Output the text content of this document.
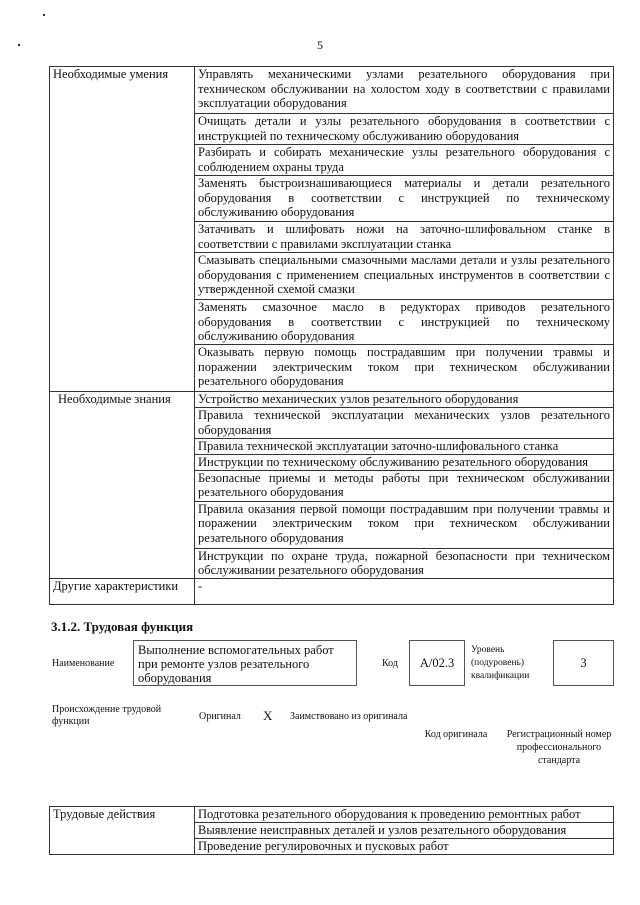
5
Необходимые умения	Управлять механическими узлами резательного оборудования при техническом обслуживании на холостом ходу в соответствии с правилами эксплуатации оборудования
	Очищать детали и узлы резательного оборудования в соответствии с инструкцией по техническому обслуживанию оборудования
	Разбирать и собирать механические узлы резательного оборудования с соблюдением охраны труда
	Заменять быстроизнашивающиеся материалы и детали резательного оборудования в соответствии с инструкцией по техническому обслуживанию оборудования
	Затачивать и шлифовать ножи на заточно-шлифовальном станке в соответствии с правилами эксплуатации станка
	Смазывать специальными смазочными маслами детали и узлы резательного оборудования с применением специальных инструментов в соответствии с утвержденной схемой смазки
	Заменять смазочное масло в редукторах приводов резательного оборудования в соответствии с инструкцией по техническому обслуживанию оборудования
	Оказывать первую помощь пострадавшим при получении травмы и поражении электрическим током при техническом обслуживании резательного оборудования
Необходимые знания	Устройство механических узлов резательного оборудования
	Правила технической эксплуатации механических узлов резательного оборудования
	Правила технической эксплуатации заточно-шлифовального станка
	Инструкции по техническому обслуживанию резательного оборудования
	Безопасные приемы и методы работы при техническом обслуживании резательного оборудования
	Правила оказания первой помощи пострадавшим при получении травмы и поражении электрическим током при техническом обслуживании резательного оборудования
	Инструкции по охране труда, пожарной безопасности при техническом обслуживании резательного оборудования
Другие характеристики	-
3.1.2. Трудовая функция
Наименование
Выполнение вспомогательных работ при ремонте узлов резательного оборудования
Код	А/02.3
Уровень (подуровень) квалификации
3
Происхождение трудовой функции	Оригинал Х Заимствовано из оригинала
Код оригинала	Регистрационный номер профессионального стандарта
Трудовые действия	Подготовка резательного оборудования к проведению ремонтных работ
Выявление неисправных деталей и узлов резательного оборудования
Проведение регулировочных и пусковых работ
